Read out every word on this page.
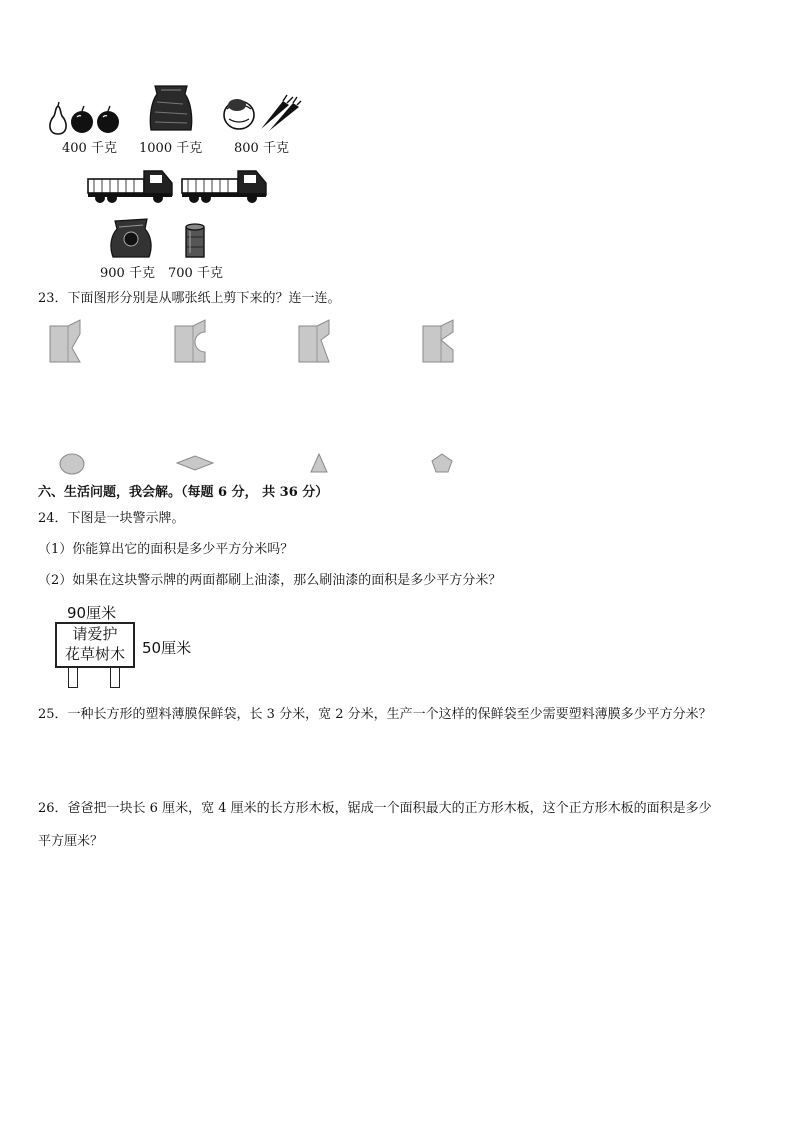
400 千克 1000 千克 800 千克
900 千克 700 千克
23．下面图形分别是从哪张纸上剪下来的？连一连。
六、生活问题，我会解。（每题 6 分， 共 36 分）
24．下图是一块警示牌。
（1）你能算出它的面积是多少平方分米吗？
（2）如果在这块警示牌的两面都刷上油漆，那么刷油漆的面积是多少平方分米？
90厘米
请爱护
花草树木	50厘米
25．一种长方形的塑料薄膜保鲜袋，长 3 分米，宽 2 分米，生产一个这样的保鲜袋至少需要塑料薄膜多少平方分米？
26．爸爸把一块长 6 厘米，宽 4 厘米的长方形木板，锯成一个面积最大的正方形木板，这个正方形木板的面积是多少
平方厘米？
